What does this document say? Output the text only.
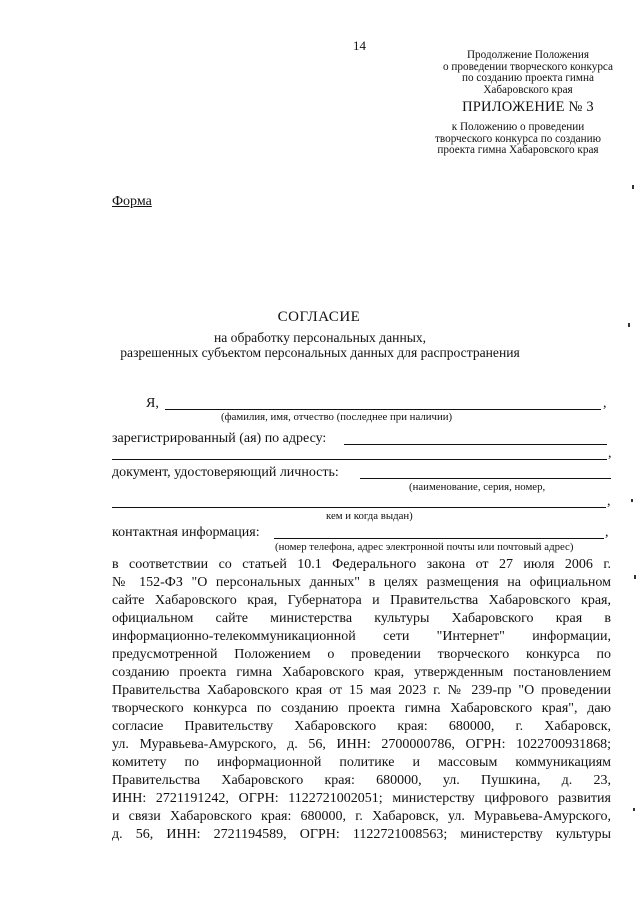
14
Продолжение Положения
о проведении творческого конкурса
по созданию проекта гимна
Хабаровского края
ПРИЛОЖЕНИЕ № 3
к Положению о проведении
творческого конкурса по созданию
проекта гимна Хабаровского края
Форма
СОГЛАСИЕ
на обработку персональных данных,
разрешенных субъектом персональных данных для распространения
Я,	,
(фамилия, имя, отчество (последнее при наличии)
зарегистрированный (ая) по адресу:
,
документ, удостоверяющий личность:
(наименование, серия, номер,
,
кем и когда выдан)
контактная информация:	,
(номер телефона, адрес электронной почты или почтовый адрес)
в соответствии со статьей 10.1 Федерального закона от 27 июля 2006 г.
№ 152-ФЗ "О персональных данных" в целях размещения на официальном
сайте Хабаровского края, Губернатора и Правительства Хабаровского края,
официальном сайте министерства культуры Хабаровского края в
информационно-телекоммуникационной сети "Интернет" информации,
предусмотренной Положением о проведении творческого конкурса по
созданию проекта гимна Хабаровского края, утвержденным постановлением
Правительства Хабаровского края от 15 мая 2023 г. № 239-пр "О проведении
творческого конкурса по созданию проекта гимна Хабаровского края", даю
согласие Правительству Хабаровского края: 680000, г. Хабаровск,
ул. Муравьева-Амурского, д. 56, ИНН: 2700000786, ОГРН: 1022700931868;
комитету по информационной политике и массовым коммуникациям
Правительства Хабаровского края: 680000, ул. Пушкина, д. 23,
ИНН: 2721191242, ОГРН: 1122721002051; министерству цифрового развития
и связи Хабаровского края: 680000, г. Хабаровск, ул. Муравьева-Амурского,
д. 56, ИНН: 2721194589, ОГРН: 1122721008563; министерству культуры
